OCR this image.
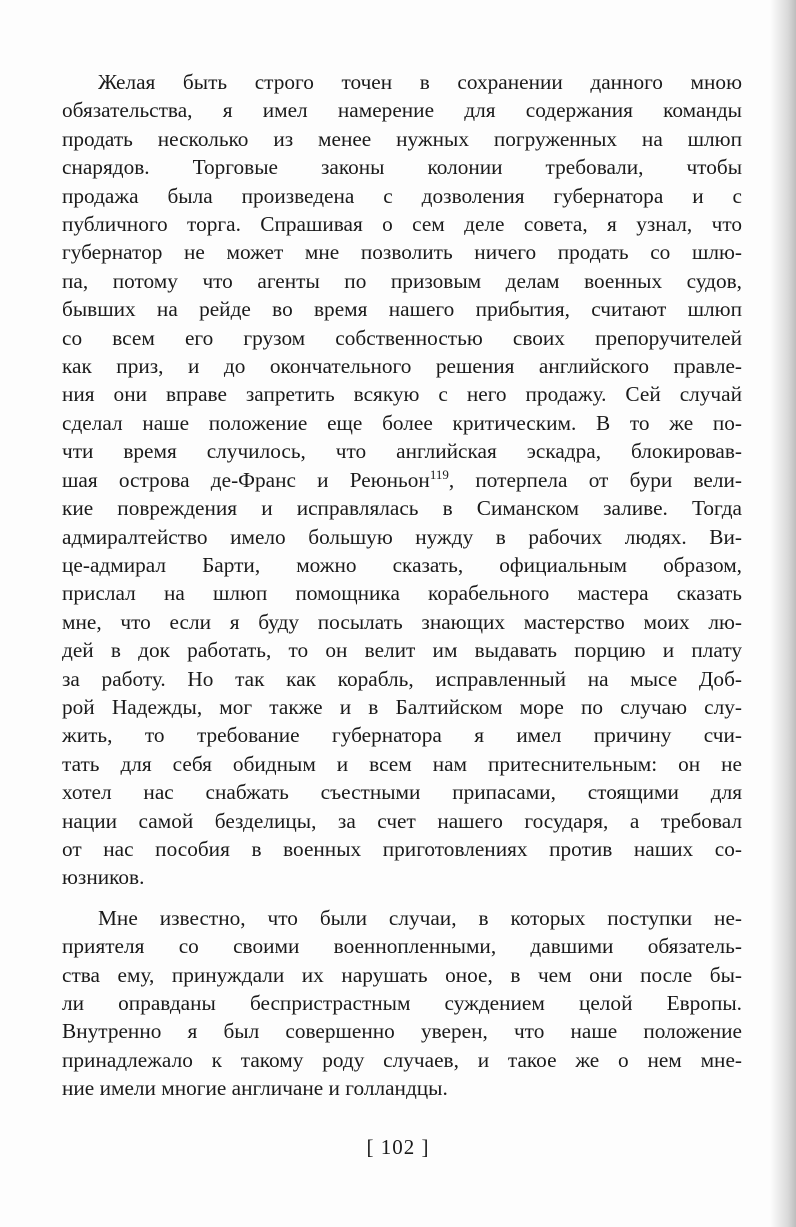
Желая быть строго точен в сохранении данного мною
обязательства, я имел намерение для содержания команды
продать несколько из менее нужных погруженных на шлюп
снарядов. Торговые законы колонии требовали, чтобы
продажа была произведена с дозволения губернатора и с
публичного торга. Спрашивая о сем деле совета, я узнал, что
губернатор не может мне позволить ничего продать со шлю-
па, потому что агенты по призовым делам военных судов,
бывших на рейде во время нашего прибытия, считают шлюп
со всем его грузом собственностью своих препоручителей
как приз, и до окончательного решения английского правле-
ния они вправе запретить всякую с него продажу. Сей случай
сделал наше положение еще более критическим. В то же по-
чти время случилось, что английская эскадра, блокировав-
шая острова де-Франс и Реюньон$^{119}$, потерпела от бури вели-
кие повреждения и исправлялась в Симанском заливе. Тогда
адмиралтейство имело большую нужду в рабочих людях. Ви-
це-адмирал Барти, можно сказать, официальным образом,
прислал на шлюп помощника корабельного мастера сказать
мне, что если я буду посылать знающих мастерство моих лю-
дей в док работать, то он велит им выдавать порцию и плату
за работу. Но так как корабль, исправленный на мысе Доб-
рой Надежды, мог также и в Балтийском море по случаю слу-
жить, то требование губернатора я имел причину счи-
тать для себя обидным и всем нам притеснительным: он не
хотел нас снабжать съестными припасами, стоящими для
нации самой безделицы, за счет нашего государя, а требовал
от нас пособия в военных приготовлениях против наших со-
юзников.

Мне известно, что были случаи, в которых поступки не-
приятеля со своими военнопленными, давшими обязатель-
ства ему, принуждали их нарушать оное, в чем они после бы-
ли оправданы беспристрастным суждением целой Европы.
Внутренно я был совершенно уверен, что наше положение
принадлежало к такому роду случаев, и такое же о нем мне-
ние имели многие англичане и голландцы.

[ 102 ]
